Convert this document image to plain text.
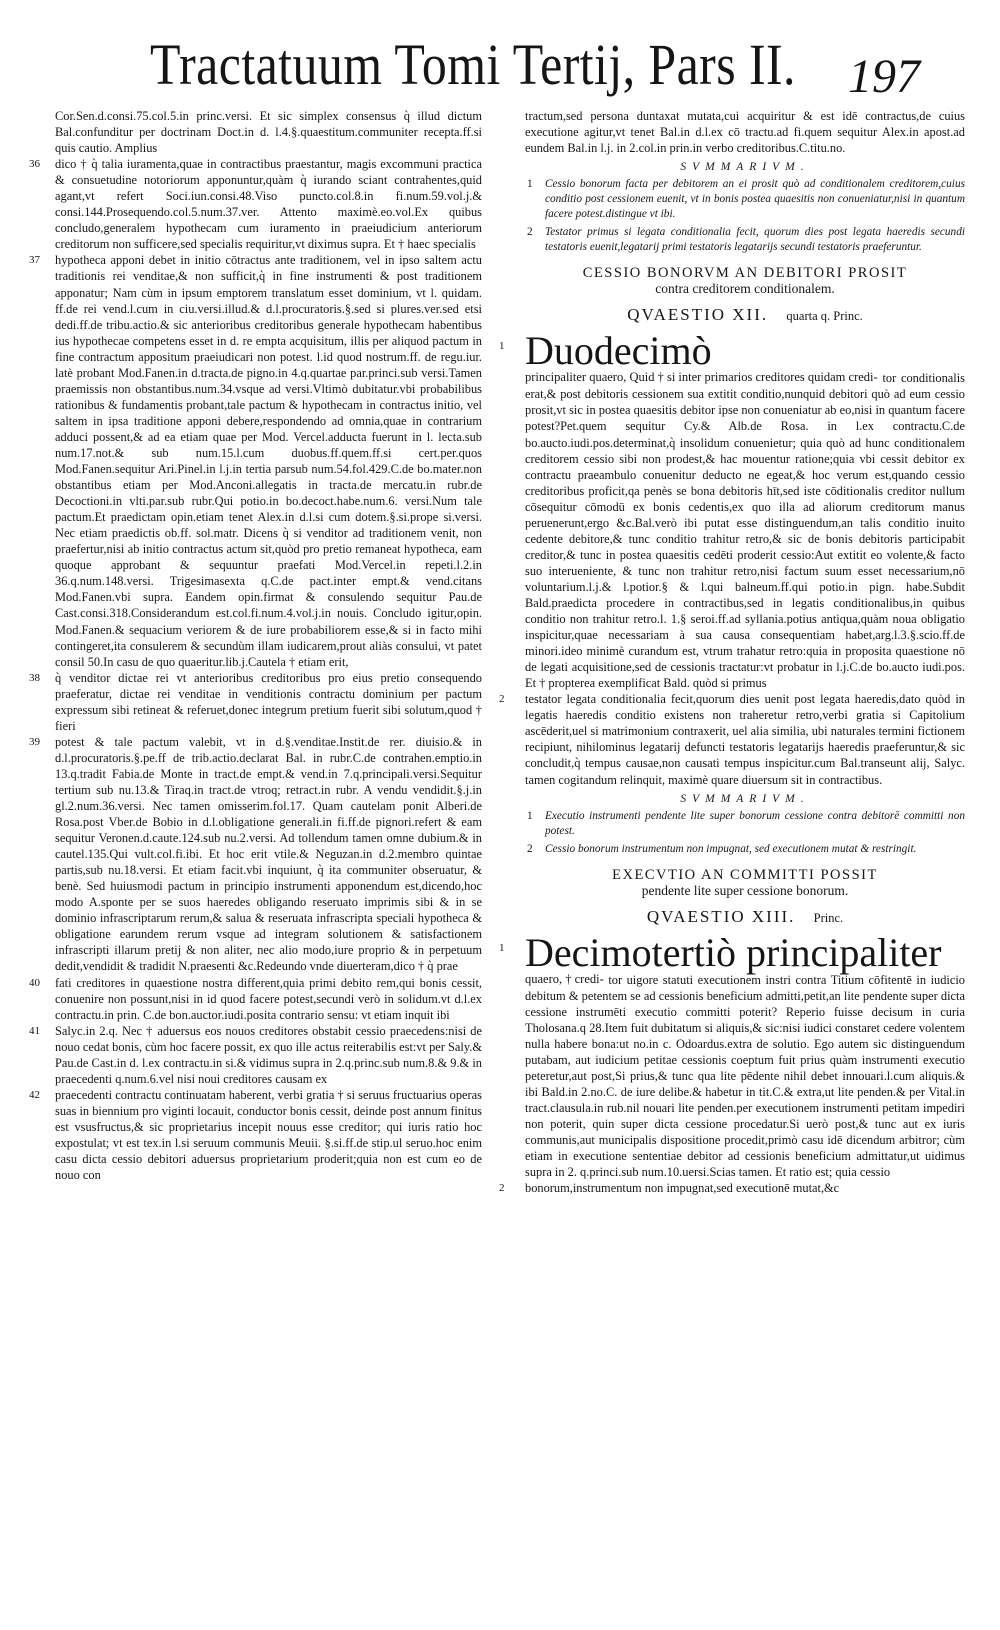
Tractatuum Tomi Tertij, Pars II. 197
Cor.Sen.d.consi.75.col.5.in princ.versi. Et sic simplex consensus q̀ illud dictum Bal.confunditur per doctrinam Doct.in d. l.4.§.quaestitum.communiter recepta.ff.si quis cautio. Amplius
36 dico † q̀ talia iuramenta,quae in contractibus praestantur, magis excommuni practica & consuetudine notoriorum apponuntur,quàm q̀ iurando sciant contrahentes,quid agant,vt refert Soci.iun.consi.48.Viso puncto.col.8.in fi.num.59.vol.j.& consi.144.Prosequendo.col.5.num.37.ver. Attento maximè.eo.vol.Ex quibus concludo,generalem hypothecam cum iuramento in praeiudicium anteriorum creditorum non sufficere,sed specialis requiritur,vt diximus supra. Et † haec specialis
37 hypotheca apponi debet in initio cōtractus ante traditionem, vel in ipso saltem actu traditionis rei venditae,& non sufficit,q̀ in fine instrumenti & post traditionem apponatur; Nam cùm in ipsum emptorem translatum esset dominium, vt l. quidam. ff.de rei vend.l.cum in ciu.versi.illud.& d.l.procuratoris.§.sed si plures.ver.sed etsi dedi.ff.de tribu.actio.& sic anterioribus creditoribus generale hypothecam habentibus ius hypothecae competens esset in d. re empta acquisitum, illis per aliquod pactum in fine contractum appositum praeiudicari non potest. l.id quod nostrum.ff. de regu.iur. latè probant Mod.Fanen.in d.tracta.de pigno.in 4.q.quartae par.princi.sub versi.Tamen praemissis non obstantibus.num.34.vsque ad versi.Vltimò dubitatur.vbi probabilibus rationibus & fundamentis probant,tale pactum & hypothecam in contractus initio, vel saltem in ipsa traditione apponi debere,respondendo ad omnia,quae in contrarium adduci possent,& ad ea etiam quae per Mod. Vercel.adducta fuerunt in l. lecta.sub num.17.not.& sub num.15.l.cum duobus.ff.quem.ff.si cert.per.quos Mod.Fanen.sequitur Ari.Pinel.in l.j.in tertia parsub num.54.fol.429.C.de bo.mater.non obstantibus etiam per Mod.Anconi.allegatis in tracta.de mercatu.in rubr.de Decoctioni.in vlti.par.sub rubr.Qui potio.in bo.decoct.habe.num.6. versi.Num tale pactum.Et praedictam opin.etiam tenet Alex.in d.l.si cum dotem.§.si.prope si.versi. Nec etiam praedictis ob.ff. sol.matr. Dicens q̀ si venditor ad traditionem venit, non praefertur,nisi ab initio contractus actum sit,quòd pro pretio remaneat hypotheca, eam quoque approbant & sequuntur praefati Mod.Vercel.in repeti.l.2.in 36.q.num.148.versi. Trigesimasexta q.C.de pact.inter empt.& vend.citans Mod.Fanen.vbi supra. Eandem opin.firmat & consulendo sequitur Pau.de Cast.consi.318.Considerandum est.col.fi.num.4.vol.j.in nouis. Concludo igitur,opin. Mod.Fanen.& sequacium veriorem & de iure probabiliorem esse,& si in facto mihi contingeret,ita consulerem & secundùm illam iudicarem,prout aliàs consului, vt patet consil 50.In casu de quo quaeritur.lib.j.Cautela † etiam erit,
38 q̀ venditor dictae rei vt anterioribus creditoribus pro eius pretio consequendo praeferatur, dictae rei venditae in venditionis contractu dominium per pactum expressum sibi retineat & referuet,donec integrum pretium fuerit sibi solutum,quod † fieri
39 potest & tale pactum valebit, vt in d.§.venditae.Instit.de rer. diuisio.& in d.l.procuratoris.§.pe.ff de trib.actio.declarat Bal. in rubr.C.de contrahen.emptio.in 13.q.tradit Fabia.de Monte in tract.de empt.& vend.in 7.q.principali.versi.Sequitur tertium sub nu.13.& Tiraq.in tract.de vtroq; retract.in rubr. A vendu vendidit.§.j.in gl.2.num.36.versi. Nec tamen omisserim.fol.17. Quam cautelam ponit Alberi.de Rosa.post Vber.de Bobio in d.l.obligatione generali.in fi.ff.de pignori.refert & eam sequitur Veronen.d.caute.124.sub nu.2.versi. Ad tollendum tamen omne dubium.& in cautel.135.Qui vult.col.fi.ibi. Et hoc erit vtile.& Neguzan.in d.2.membro quintae partis,sub nu.18.versi. Et etiam facit.vbi inquiunt, q̀ ita communiter obseruatur, & benè. Sed huiusmodi pactum in principio instrumenti apponendum est,dicendo,hoc modo A.sponte per se suos haeredes obligando reseruato imprimis sibi & in se dominio infrascriptarum rerum,& salua & reseruata infrascripta speciali hypotheca & obligatione earundem rerum vsque ad integram solutionem & satisfactionem infrascripti illarum pretij & non aliter, nec alio modo,iure proprio & in perpetuum dedit,vendidit & tradidit N.praesenti &c.Redeundo vnde diuerteram,dico † q̀ prae
40 fati creditores in quaestione nostra different,quia primi debito rem,qui bonis cessit, conuenire non possunt,nisi in id quod facere potest,secundi verò in solidum.vt d.l.ex contractu.in prin. C.de bon.auctor.iudi.posita contrario sensu: vt etiam inquit ibi
41 Salyc.in 2.q. Nec † aduersus eos nouos creditores obstabit cessio praecedens:nisi de nouo cedat bonis, cùm hoc facere possit, ex quo ille actus reiterabilis est:vt per Saly.& Pau.de Cast.in d. l.ex contractu.in si.& vidimus supra in 2.q.princ.sub num.8.& 9.& in praecedenti q.num.6.vel nisi noui creditores causam ex
42 praecedenti contractu continuatam haberent, verbi gratia † si seruus fructuarius operas suas in biennium pro viginti locauit, conductor bonis cessit, deinde post annum finitus est vsusfructus,& sic proprietarius incepit nouus esse creditor; qui iuris ratio hoc expostulat; vt est tex.in l.si seruum communis Meuii. §.si.ff.de stip.ul seruo.hoc enim casu dicta cessio debitori aduersus proprietarium proderit;quia non est cum eo de nouo con

tractum,sed persona duntaxat mutata,cui acquiritur & est idē contractus,de cuius executione agitur,vt tenet Bal.in d.l.ex cō tractu.ad fi.quem sequitur Alex.in apost.ad eundem Bal.in l.j. in 2.col.in prin.in verbo creditoribus.C.titu.no.

SVMMARIVM.
1 Cessio bonorum facta per debitorem an ei prosit quò ad conditionalem creditorem,cuius conditio post cessionem euenit, vt in bonis postea quaesitis non conueniatur,nisi in quantum facere potest.distingue vt ibi.
2 Testator primus si legata conditionalia fecit, quorum dies post legata haeredis secundi testatoris euenit,legatarij primi testatoris legatarijs secundi testatoris praeferuntur.
CESSIO BONORVM AN DEBITORI PROSIT
contra creditorem conditionalem.
QVAESTIO XII. quarta q. Princ.
1 Duodecimò
principaliter quaero, Quid † si inter primarios creditores quidam credi- tor conditionalis erat,& post debitoris cessionem sua extitit conditio,nunquid debitori quò ad eum cessio prosit,vt sic in postea quaesitis debitor ipse non conueniatur ab eo,nisi in quantum facere potest?Pet.quem sequitur Cy.& Alb.de Rosa. in l.ex contractu.C.de bo.aucto.iudi.pos.determinat,q̀ insolidum conuenietur; quia quò ad hunc conditionalem creditorem cessio sibi non prodest,& hac mouentur ratione;quia vbi cessit debitor ex contractu praeambulo conuenitur deducto ne egeat,& hoc verum est,quando cessio creditoribus proficit,qa penès se bona debitoris hīt,sed iste cōditionalis creditor nullum cōsequitur cōmodū ex bonis cedentis,ex quo illa ad aliorum creditorum manus peruenerunt,ergo &c.Bal.verò ibi putat esse distinguendum,an talis conditio inuito cedente debitore,& tunc conditio trahitur retro,& sic de bonis debitoris participabit creditor,& tunc in postea quaesitis cedēti proderit cessio:Aut extitit eo volente,& facto suo interueniente, & tunc non trahitur retro,nisi factum suum esset necessarium,nō voluntarium.l.j.& l.potior.§ & l.qui balneum.ff.qui potio.in pign. habe.Subdit Bald.praedicta procedere in contractibus,sed in legatis conditionalibus,in quibus conditio non trahitur retro.l. 1.§ seroi.ff.ad syllania.potius antiqua,quàm noua obligatio inspicitur,quae necessariam à sua causa consequentiam habet,arg.l.3.§.scio.ff.de minori.ideo minimè curandum est, vtrum trahatur retro:quia in proposita quaestione nō de legati acquisitione,sed de cessionis tractatur:vt probatur in l.j.C.de bo.aucto iudi.pos. Et † propterea exemplificat Bald. quòd si primus
2 testator legata conditionalia fecit,quorum dies uenit post legata haeredis,dato quòd in legatis haeredis conditio existens non traheretur retro,verbi gratia si Capitolium ascēderit,uel si matrimonium contraxerit, uel alia similia, ubi naturales termini fictionem recipiunt, nihilominus legatarij defuncti testatoris legatarijs haeredis praeferuntur,& sic concludit,q̀ tempus causae,non causati tempus inspicitur.cum Bal.transeunt alij, Salyc. tamen cogitandum relinquit, maximè quare diuersum sit in contractibus.
SVMMARIVM.
1 Executio instrumenti pendente lite super bonorum cessione contra debitorē committi non potest.
2 Cessio bonorum instrumentum non impugnat, sed executionem mutat & restringit.
EXECVTIO AN COMMITTI POSSIT
pendente lite super cessione bonorum.
QVAESTIO XIII. Princ.
1 Decimotertiò principaliter
quaero, † credi- tor uigore statuti executionem instri contra Titium cōfitentē in iudicio debitum & petentem se ad cessionis beneficium admitti,petit,an lite pendente super dicta cessione instrumēti executio committi poterit? Reperio fuisse decisum in curia Tholosana.q 28.Item fuit dubitatum si aliquis,& sic:nisi iudici constaret cedere volentem nulla habere bona:ut no.in c. Odoardus.extra de solutio. Ego autem sic distinguendum putabam, aut iudicium petitae cessionis coeptum fuit prius quàm instrumenti executio peteretur,aut post,Si prius,& tunc qua lite pēdente nihil debet innouari.l.cum aliquis.& ibi Bald.in 2.no.C. de iure delibe.& habetur in tit.C.& extra,ut lite penden.& per Vital.in tract.clausula.in rub.nil nouari lite penden.per executionem instrumenti petitam impediri non poterit, quin super dicta cessione procedatur.Si uerò post,& tunc aut ex iuris communis,aut municipalis dispositione procedit,primò casu idē dicendum arbitror; cùm etiam in executione sententiae debitor ad cessionis beneficium admittatur,ut uidimus supra in 2. q.princi.sub num.10.uersi.Scias tamen. Et ratio est; quia cessio
2 bonorum,instrumentum non impugnat,sed executionē mutat,&c
